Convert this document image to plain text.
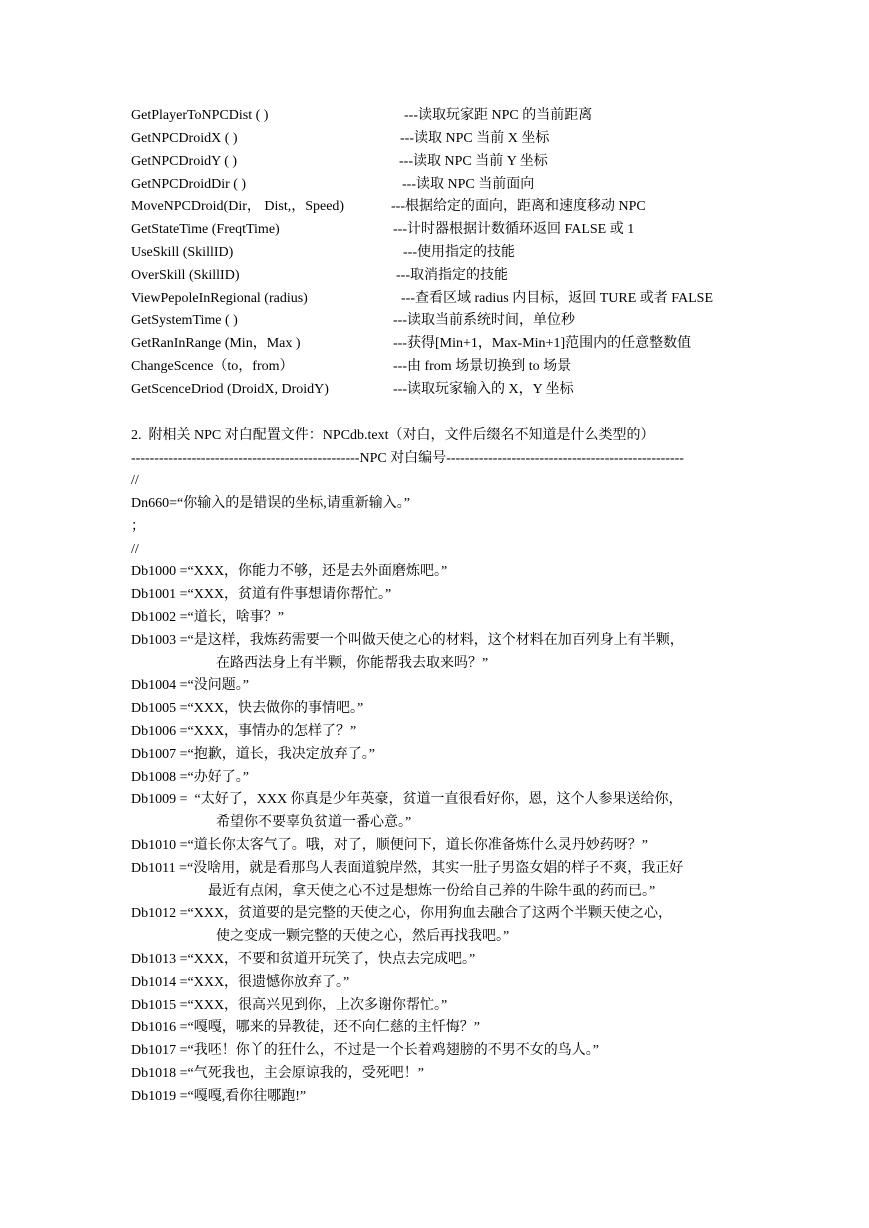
GetPlayerToNPCDist ( )	---读取玩家距 NPC 的当前距离
GetNPCDroidX ( )	---读取 NPC 当前 X 坐标
GetNPCDroidY ( )	---读取 NPC 当前 Y 坐标
GetNPCDroidDir ( )	---读取 NPC 当前面向
MoveNPCDroid(Dir， Dist,，Speed)	---根据给定的面向，距离和速度移动 NPC
GetStateTime (FreqtTime)	---计时器根据计数循环返回 FALSE 或 1
UseSkill (SkillID)	---使用指定的技能
OverSkill (SkillID)	---取消指定的技能
ViewPepoleInRegional (radius)	---查看区域 radius 内目标，返回 TURE 或者 FALSE
GetSystemTime ( )	---读取当前系统时间，单位秒
GetRanInRange (Min，Max )	---获得[Min+1，Max-Min+1]范围内的任意整数值
ChangeScence（to，from）	---由 from 场景切换到 to 场景
GetScenceDriod (DroidX, DroidY)	---读取玩家输入的 X，Y 坐标
2.  附相关 NPC 对白配置文件：NPCdb.text（对白，文件后缀名不知道是什么类型的）
-------------------------------------------------NPC 对白编号---------------------------------------------------
//
Dn660=“你输入的是错误的坐标,请重新输入。”
；
//
Db1000 =“XXX，你能力不够，还是去外面磨炼吧。”
Db1001 =“XXX，贫道有件事想请你帮忙。”
Db1002 =“道长，啥事？”
Db1003 =“是这样，我炼药需要一个叫做天使之心的材料，这个材料在加百列身上有半颗，
在路西法身上有半颗，你能帮我去取来吗？”
Db1004 =“没问题。”
Db1005 =“XXX，快去做你的事情吧。”
Db1006 =“XXX，事情办的怎样了？”
Db1007 =“抱歉，道长，我决定放弃了。”
Db1008 =“办好了。”
Db1009 =  “太好了，XXX 你真是少年英豪，贫道一直很看好你，恩，这个人参果送给你，
希望你不要辜负贫道一番心意。”
Db1010 =“道长你太客气了。哦，对了，顺便问下，道长你准备炼什么灵丹妙药呀？”
Db1011 =“没啥用，就是看那鸟人表面道貌岸然，其实一肚子男盗女娼的样子不爽，我正好
最近有点闲，拿天使之心不过是想炼一份给自己养的牛除牛虱的药而已。”
Db1012 =“XXX，贫道要的是完整的天使之心，你用狗血去融合了这两个半颗天使之心，
使之变成一颗完整的天使之心，然后再找我吧。”
Db1013 =“XXX，不要和贫道开玩笑了，快点去完成吧。”
Db1014 =“XXX，很遗憾你放弃了。”
Db1015 =“XXX，很高兴见到你，上次多谢你帮忙。”
Db1016 =“嘎嘎，哪来的异教徒，还不向仁慈的主忏悔？”
Db1017 =“我呸！你丫的狂什么，不过是一个长着鸡翅膀的不男不女的鸟人。”
Db1018 =“气死我也，主会原谅我的，受死吧！”
Db1019 =“嘎嘎,看你往哪跑!”
